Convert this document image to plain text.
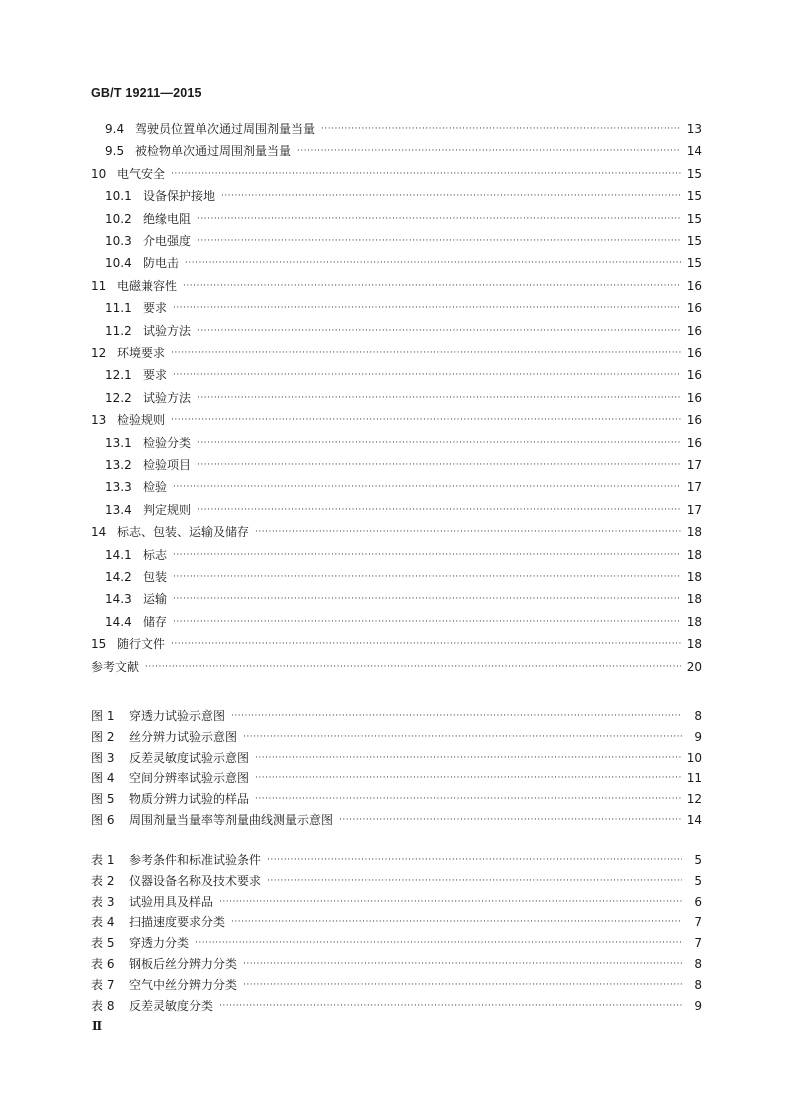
GB/T 19211—2015
9.4 驾驶员位置单次通过周围剂量当量 ·····	13
9.5 被检物单次通过周围剂量当量 ·····	14
10 电气安全 ·····	15
10.1 设备保护接地 ·····	15
10.2 绝缘电阻 ·····	15
10.3 介电强度 ·····	15
10.4 防电击 ·····	15
11 电磁兼容性 ·····	16
11.1 要求 ·····	16
11.2 试验方法 ·····	16
12 环境要求 ·····	16
12.1 要求 ·····	16
12.2 试验方法 ·····	16
13 检验规则 ·····	16
13.1 检验分类 ·····	16
13.2 检验项目 ·····	17
13.3 检验 ·····	17
13.4 判定规则 ·····	17
14 标志、包装、运输及储存 ·····	18
14.1 标志 ·····	18
14.2 包装 ·····	18
14.3 运输 ·····	18
14.4 储存 ·····	18
15 随行文件 ·····	18
参考文献 ·····	20
图 1	穿透力试验示意图 ·····	8
图 2	丝分辨力试验示意图 ·····	9
图 3	反差灵敏度试验示意图 ·····	10
图 4	空间分辨率试验示意图 ·····	11
图 5	物质分辨力试验的样品 ·····	12
图 6	周围剂量当量率等剂量曲线测量示意图 ·····	14
表 1	参考条件和标准试验条件 ·····	5
表 2	仪器设备名称及技术要求 ·····	5
表 3	试验用具及样品 ·····	6
表 4	扫描速度要求分类 ·····	7
表 5	穿透力分类 ·····	7
表 6	钢板后丝分辨力分类 ·····	8
表 7	空气中丝分辨力分类 ·····	8
表 8	反差灵敏度分类 ·····	9
Ⅱ
